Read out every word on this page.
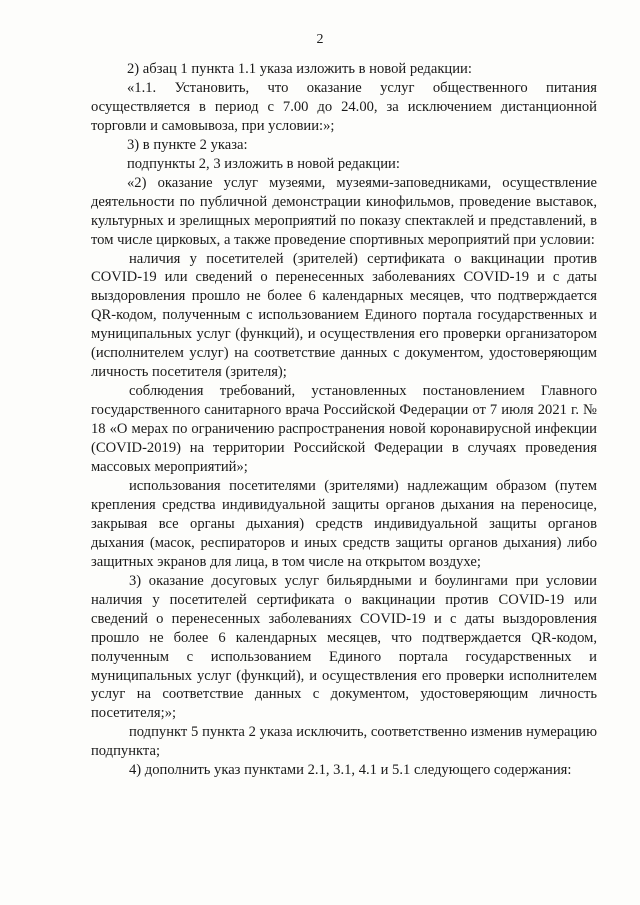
2

2) абзац 1 пункта 1.1 указа изложить в новой редакции:

«1.1. Установить, что оказание услуг общественного питания осуществляется в период с 7.00 до 24.00, за исключением дистанционной торговли и самовывоза, при условии:»;

3) в пункте 2 указа:

подпункты 2, 3 изложить в новой редакции:

«2) оказание услуг музеями, музеями-заповедниками, осуществление деятельности по публичной демонстрации кинофильмов, проведение выставок, культурных и зрелищных мероприятий по показу спектаклей и представлений, в том числе цирковых, а также проведение спортивных мероприятий при условии:

наличия у посетителей (зрителей) сертификата о вакцинации против COVID-19 или сведений о перенесенных заболеваниях COVID-19 и с даты выздоровления прошло не более 6 календарных месяцев, что подтверждается QR-кодом, полученным с использованием Единого портала государственных и муниципальных услуг (функций), и осуществления его проверки организатором (исполнителем услуг) на соответствие данных с документом, удостоверяющим личность посетителя (зрителя);

соблюдения требований, установленных постановлением Главного государственного санитарного врача Российской Федерации от 7 июля 2021 г. № 18 «О мерах по ограничению распространения новой коронавирусной инфекции (COVID-2019) на территории Российской Федерации в случаях проведения массовых мероприятий»;

использования посетителями (зрителями) надлежащим образом (путем крепления средства индивидуальной защиты органов дыхания на переносице, закрывая все органы дыхания) средств индивидуальной защиты органов дыхания (масок, респираторов и иных средств защиты органов дыхания) либо защитных экранов для лица, в том числе на открытом воздухе;

3) оказание досуговых услуг бильярдными и боулингами при условии наличия у посетителей сертификата о вакцинации против COVID-19 или сведений о перенесенных заболеваниях COVID-19 и с даты выздоровления прошло не более 6 календарных месяцев, что подтверждается QR-кодом, полученным с использованием Единого портала государственных и муниципальных услуг (функций), и осуществления его проверки исполнителем услуг на соответствие данных с документом, удостоверяющим личность посетителя;»;

подпункт 5 пункта 2 указа исключить, соответственно изменив нумерацию подпункта;

4) дополнить указ пунктами 2.1, 3.1, 4.1 и 5.1 следующего содержания:
